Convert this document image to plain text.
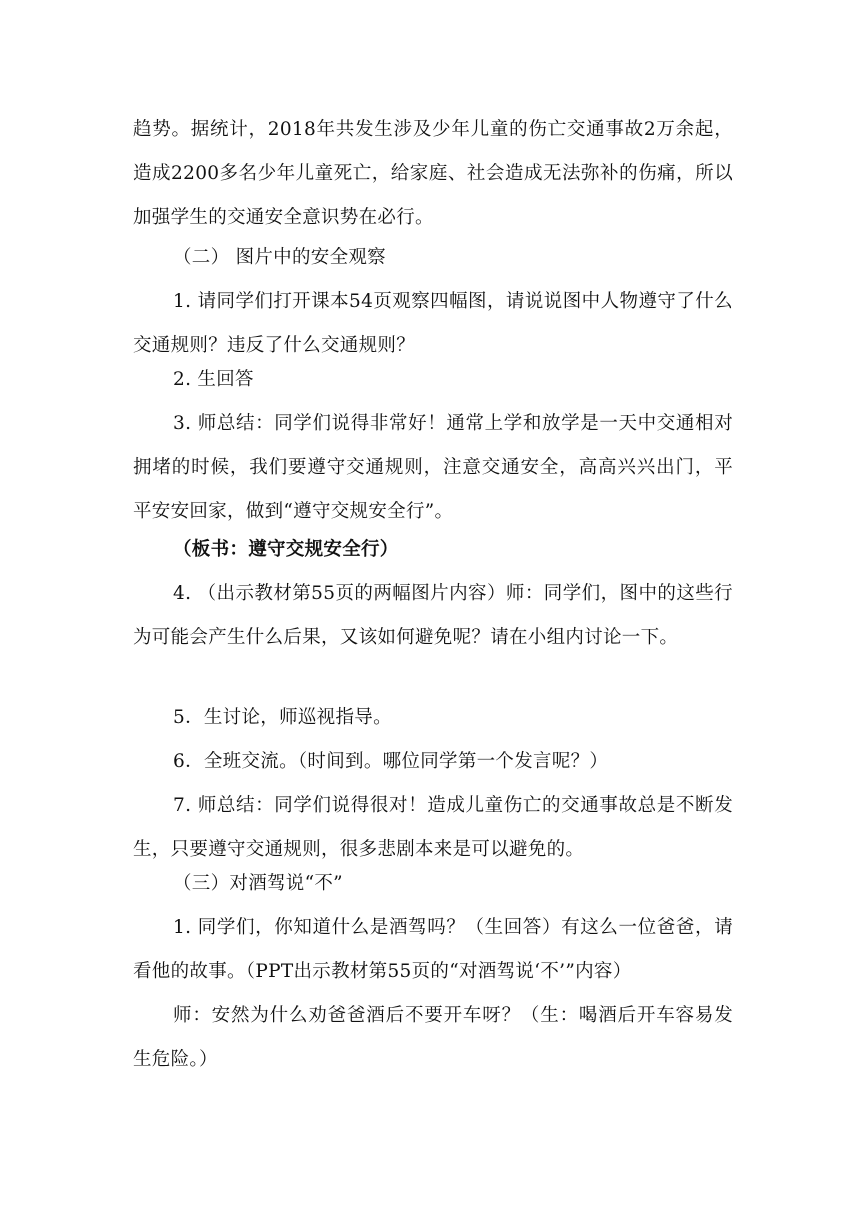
趋势。据统计，2018年共发生涉及少年儿童的伤亡交通事故2万余起，造成2200多名少年儿童死亡，给家庭、社会造成无法弥补的伤痛，所以加强学生的交通安全意识势在必行。

（二） 图片中的安全观察

1. 请同学们打开课本54页观察四幅图，请说说图中人物遵守了什么交通规则？违反了什么交通规则？

2. 生回答

3. 师总结：同学们说得非常好！通常上学和放学是一天中交通相对拥堵的时候，我们要遵守交通规则，注意交通安全，高高兴兴出门，平平安安回家，做到“遵守交规安全行”。

（板书：遵守交规安全行）

4. （出示教材第55页的两幅图片内容）师：同学们，图中的这些行为可能会产生什么后果，又该如何避免呢？请在小组内讨论一下。

5．生讨论，师巡视指导。

6．全班交流。（时间到。哪位同学第一个发言呢？）

7. 师总结：同学们说得很对！造成儿童伤亡的交通事故总是不断发生，只要遵守交通规则，很多悲剧本来是可以避免的。

（三）对酒驾说“不”

1. 同学们，你知道什么是酒驾吗？（生回答）有这么一位爸爸，请看他的故事。（PPT出示教材第55页的“对酒驾说‘不’”内容）

师：安然为什么劝爸爸酒后不要开车呀？（生：喝酒后开车容易发生危险。）
